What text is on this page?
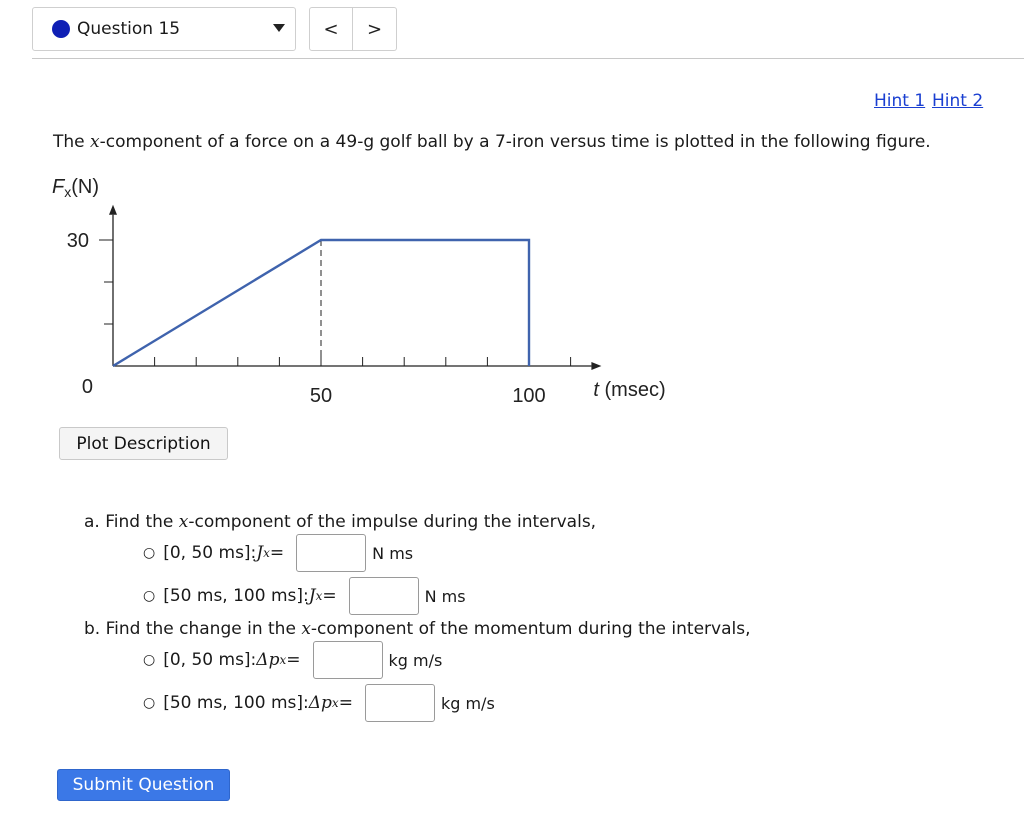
Question 15	< >
Hint 1 Hint 2
The x-component of a force on a 49-g golf ball by a 7-iron versus time is plotted in the following figure.
50	100
30
0
$F_x(N)$
t (msec)
Plot Description
a. Find the x-component of the impulse during the intervals,
○ [0, 50 ms]: J x =	N ms
○ [50 ms, 100 ms]: J x =	N ms
b. Find the change in the x-component of the momentum during the intervals,
○ [0, 50 ms]: Δp x =	kg m/s
○ [50 ms, 100 ms]: Δp x =	kg m/s
Submit Question
